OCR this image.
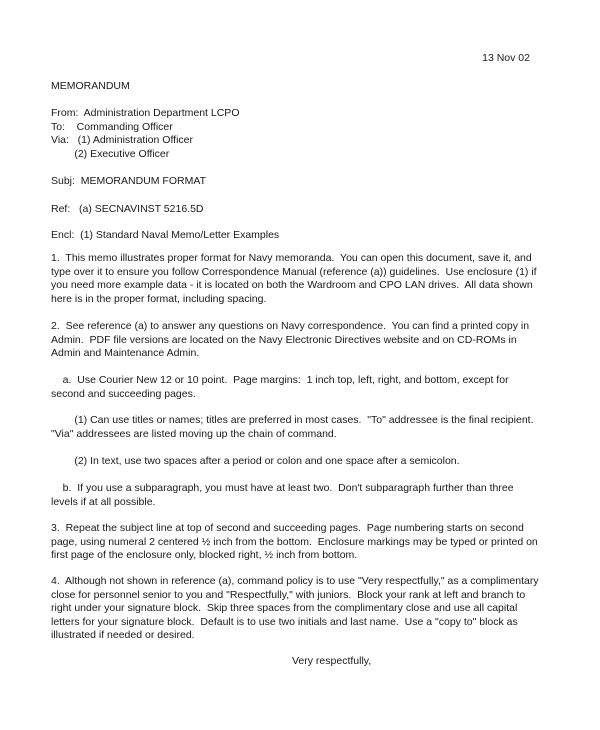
13 Nov 02
MEMORANDUM
From:  Administration Department LCPO
To:    Commanding Officer
Via:   (1) Administration Officer
(2) Executive Officer
Subj:  MEMORANDUM FORMAT
Ref:   (a) SECNAVINST 5216.5D
Encl:  (1) Standard Naval Memo/Letter Examples
1.  This memo illustrates proper format for Navy memoranda.  You can open this document, save it, and
type over it to ensure you follow Correspondence Manual (reference (a)) guidelines.  Use enclosure (1) if
you need more example data - it is located on both the Wardroom and CPO LAN drives.  All data shown
here is in the proper format, including spacing.
2.  See reference (a) to answer any questions on Navy correspondence.  You can find a printed copy in
Admin.  PDF file versions are located on the Navy Electronic Directives website and on CD-ROMs in
Admin and Maintenance Admin.
a.  Use Courier New 12 or 10 point.  Page margins:  1 inch top, left, right, and bottom, except for
second and succeeding pages.
(1) Can use titles or names; titles are preferred in most cases.  "To" addressee is the final recipient.
"Via" addressees are listed moving up the chain of command.
(2) In text, use two spaces after a period or colon and one space after a semicolon.
b.  If you use a subparagraph, you must have at least two.  Don't subparagraph further than three
levels if at all possible.
3.  Repeat the subject line at top of second and succeeding pages.  Page numbering starts on second
page, using numeral 2 centered ½ inch from the bottom.  Enclosure markings may be typed or printed on
first page of the enclosure only, blocked right, ½ inch from bottom.
4.  Although not shown in reference (a), command policy is to use "Very respectfully," as a complimentary
close for personnel senior to you and "Respectfully," with juniors.  Block your rank at left and branch to
right under your signature block.  Skip three spaces from the complimentary close and use all capital
letters for your signature block.  Default is to use two initials and last name.  Use a "copy to" block as
illustrated if needed or desired.
Very respectfully,
